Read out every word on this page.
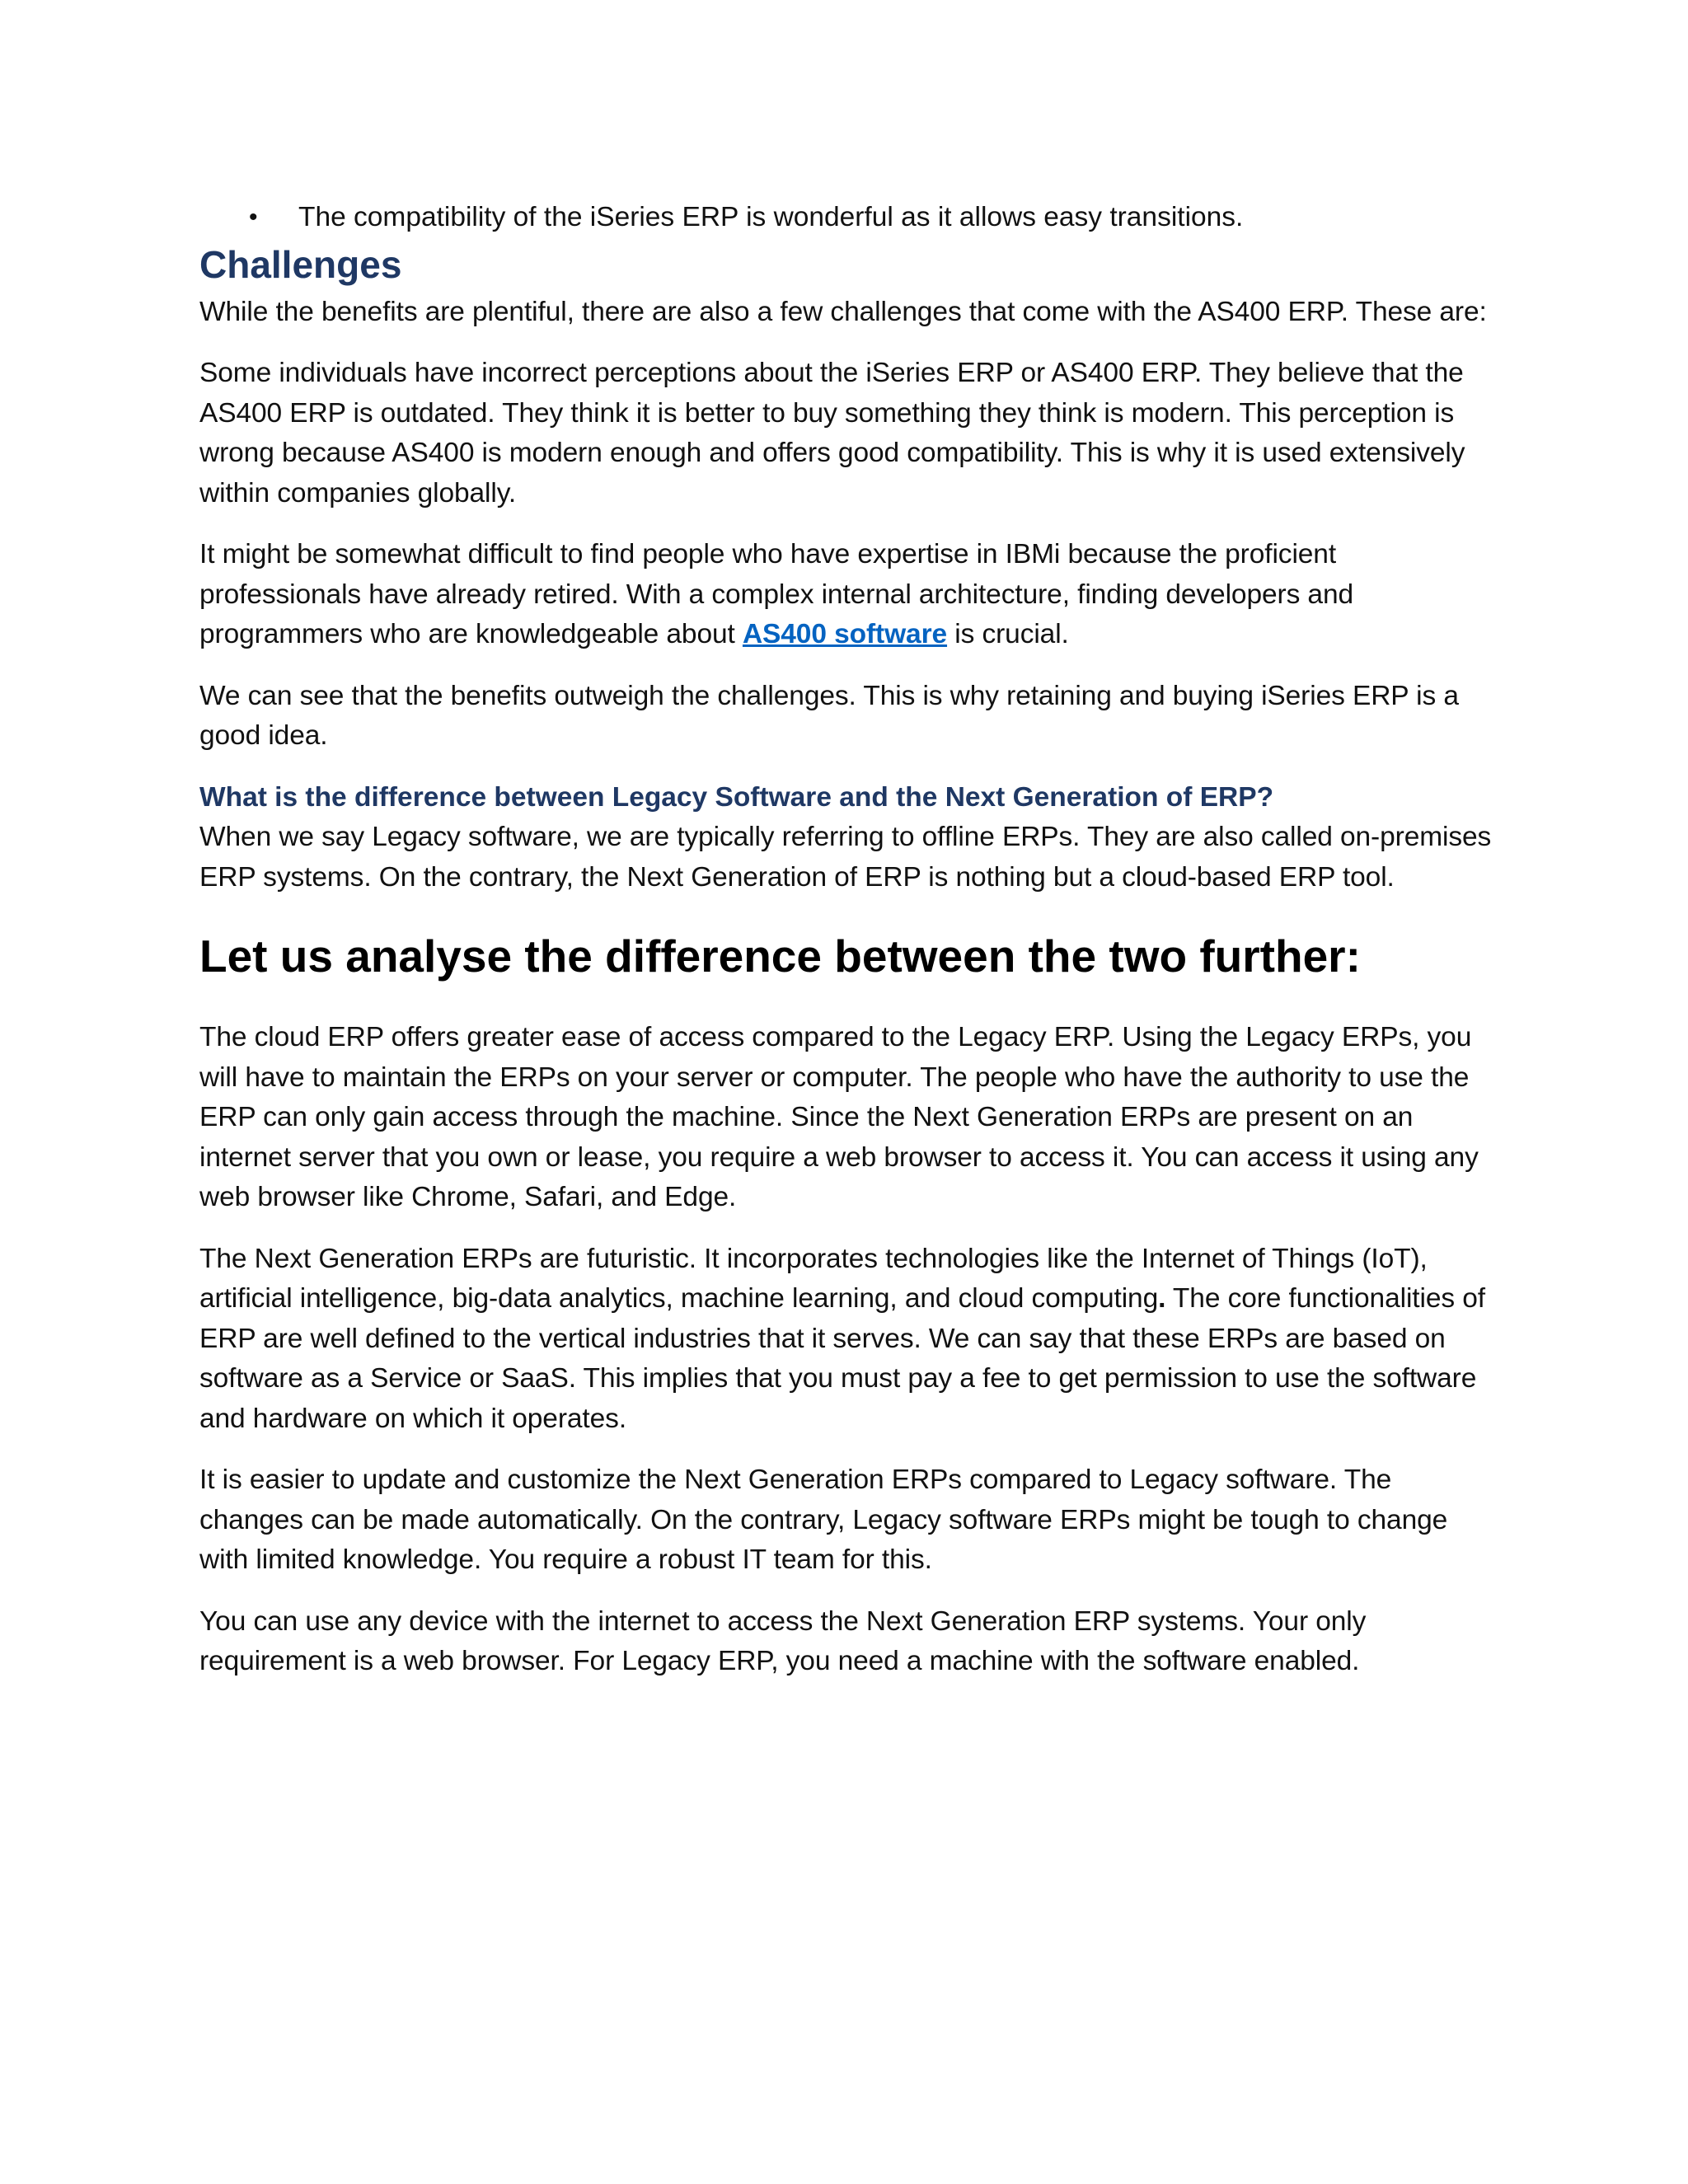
• The compatibility of the iSeries ERP is wonderful as it allows easy transitions.
Challenges

While the benefits are plentiful, there are also a few challenges that come with the AS400 ERP. These are:

Some individuals have incorrect perceptions about the iSeries ERP or AS400 ERP. They believe that the AS400 ERP is outdated. They think it is better to buy something they think is modern. This perception is wrong because AS400 is modern enough and offers good compatibility. This is why it is used extensively within companies globally.

It might be somewhat difficult to find people who have expertise in IBMi because the proficient professionals have already retired. With a complex internal architecture, finding developers and programmers who are knowledgeable about AS400 software is crucial.

We can see that the benefits outweigh the challenges. This is why retaining and buying iSeries ERP is a good idea.

What is the difference between Legacy Software and the Next Generation of ERP?

When we say Legacy software, we are typically referring to offline ERPs. They are also called on-premises ERP systems. On the contrary, the Next Generation of ERP is nothing but a cloud-based ERP tool.

Let us analyse the difference between the two further:

The cloud ERP offers greater ease of access compared to the Legacy ERP. Using the Legacy ERPs, you will have to maintain the ERPs on your server or computer. The people who have the authority to use the ERP can only gain access through the machine. Since the Next Generation ERPs are present on an internet server that you own or lease, you require a web browser to access it. You can access it using any web browser like Chrome, Safari, and Edge.

The Next Generation ERPs are futuristic. It incorporates technologies like the Internet of Things (IoT), artificial intelligence, big-data analytics, machine learning, and cloud computing. The core functionalities of ERP are well defined to the vertical industries that it serves. We can say that these ERPs are based on software as a Service or SaaS. This implies that you must pay a fee to get permission to use the software and hardware on which it operates.

It is easier to update and customize the Next Generation ERPs compared to Legacy software. The changes can be made automatically. On the contrary, Legacy software ERPs might be tough to change with limited knowledge. You require a robust IT team for this.

You can use any device with the internet to access the Next Generation ERP systems. Your only requirement is a web browser. For Legacy ERP, you need a machine with the software enabled.
